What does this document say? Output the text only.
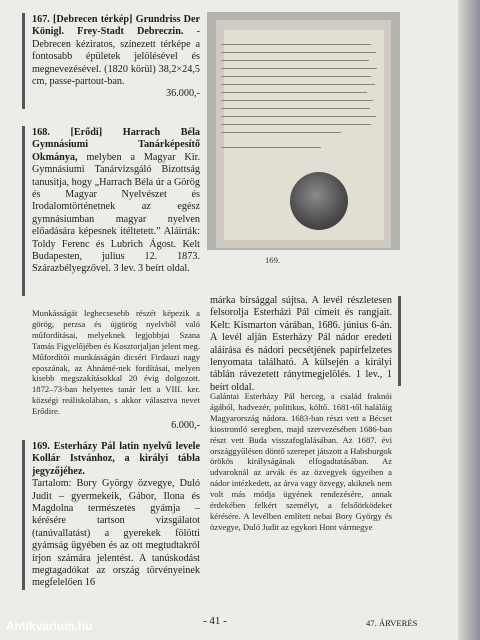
167. [Debrecen térkép] Grundriss Der Königl. Frey-Stadt Debreczin. - Debrecen kéziratos, színezett térképe a fontosabb épületek jelölésével és megnevezésével. (1820 körül) 38,2×24,5 cm, passe-partout-ban.

36.000,-

168. [Erődi] Harrach Béla Gymnásiumi Tanárképesítő Okmánya, melyben a Magyar Kir. Gymnásiumi Tanárvizsgáló Bizottság tanusitja, hogy „Harrach Béla úr a Görög és Magyar Nyelvészet és Irodalomtörténetnek az egész gymnásiumban magyar nyelven előadására képesnek itéltetett.” Aláírták: Toldy Ferenc és Lubrich Ágost. Kelt Budapesten, julius 12. 1873. Szárazbélyegzővel. 3 lev. 3 beírt oldal.

Munkásságát leghecsesebb részét képezik a görög, perzsa és újgörög nyelvből való műfordításai, melyeknek legjobbjai Szana Tamás Figyelőjében és Kosztorjaljan jelent meg. Műfordítói munkásságán dicséri Firdauzi nagy eposzának, az Ahnámé-nek fordításai, melyen kisebb megszakításokkal 20 évig dolgozott. 1872–73-ban helyettes tanár lett a VIII. ker. községi reáliskolában, s akkor választva nevet Erődire.
6.000,-

169. Esterházy Pál latin nyelvű levele Kollár Istvánhoz, a királyi tábla jegyzőjéhez.

Tartalom: Bory György özvegye, Duló Judit – gyermekeik, Gábor, Ilona és Magdolna természetes gyámja – kérésére tartson vizsgálatot (tanúvallatást) a gyerekek fölötti gyámság ügyében és az ott megtudtakról írjon számára jelentést. A tanúskodást megtagadókat az ország törvényeinek megfelelően 16

169.
márka bírsággal sújtsa. A levél részletesen felsorolja Esterházi Pál címeit és rangjait. Kelt: Kismarton várában, 1686. június 6-án. A levél alján Esterházy Pál nádor eredeti aláírása és nádori pecsétjének papírfelzetes lenyomata található. A külsején a királyi táblán rávezetett ránytmegjelölés. 1 lev., 1 beírt oldal.
Galántai Esterházy Pál herceg, a család fraknói ágából, hadvezér, politikus, költő. 1681-től haláláig Magyarország nádora. 1683-ban részt vett a Bécset kiostromló seregben, majd szervezésében 1686-ban részt vett Buda visszafoglalásában. Az 1687. évi országgyűlésen döntő szerepet játszott a Habsburgok örökös királyságának elfogadtatásában. Az udvaroknál az arvák és az özvegyek ügyeiben a nádor intézkedett, az árva vagy özvegy, akiknek nem volt más módja ügyének rendezésére, annak érdekében felkért személyt, a felsőörködeket kérésére. A levélben említett nebai Bory György és özvegye, Duló Judit az egykori Hont vármegye
- 41 -	47. ÁRVERÉS
Antikvarium.hu
